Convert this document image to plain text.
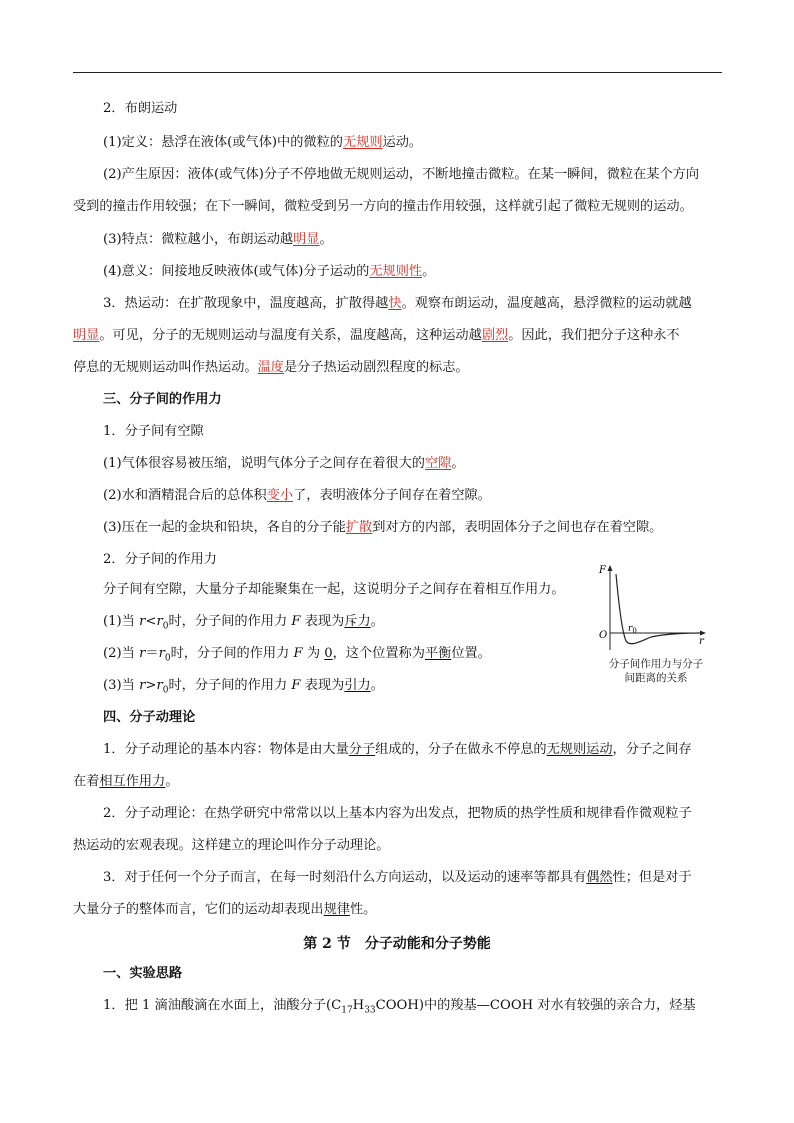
2．布朗运动
(1)定义：悬浮在液体(或气体)中的微粒的无规则运动。
(2)产生原因：液体(或气体)分子不停地做无规则运动，不断地撞击微粒。在某一瞬间，微粒在某个方向
受到的撞击作用较强；在下一瞬间，微粒受到另一方向的撞击作用较强，这样就引起了微粒无规则的运动。
(3)特点：微粒越小，布朗运动越明显。
(4)意义：间接地反映液体(或气体)分子运动的无规则性。
3．热运动：在扩散现象中，温度越高，扩散得越快。观察布朗运动，温度越高，悬浮微粒的运动就越
明显。可见，分子的无规则运动与温度有关系，温度越高，这种运动越剧烈。因此，我们把分子这种永不
停息的无规则运动叫作热运动。温度是分子热运动剧烈程度的标志。
三、分子间的作用力
1．分子间有空隙
(1)气体很容易被压缩，说明气体分子之间存在着很大的空隙。
(2)水和酒精混合后的总体积变小了，表明液体分子间存在着空隙。
(3)压在一起的金块和铅块，各自的分子能扩散到对方的内部，表明固体分子之间也存在着空隙。
2．分子间的作用力
分子间有空隙，大量分子却能聚集在一起，这说明分子之间存在着相互作用力。
(1)当 $r<r_0$时，分子间的作用力 F 表现为斥力。
(2)当 $r=r_0$时，分子间的作用力 F 为 0，这个位置称为平衡位置。
(3)当 $r>r_0$时，分子间的作用力 F 表现为引力。
F
O
$r_0$
r
分子间作用力与分子
间距离的关系
四、分子动理论
1．分子动理论的基本内容：物体是由大量分子组成的，分子在做永不停息的无规则运动，分子之间存
在着相互作用力。
2．分子动理论：在热学研究中常常以以上基本内容为出发点，把物质的热学性质和规律看作微观粒子
热运动的宏观表现。这样建立的理论叫作分子动理论。
3．对于任何一个分子而言，在每一时刻沿什么方向运动，以及运动的速率等都具有偶然性；但是对于
大量分子的整体而言，它们的运动却表现出规律性。
第 2 节　分子动能和分子势能
一、实验思路
1．把 1 滴油酸滴在水面上，油酸分子$(C_{17}H_{33}COOH)$中的羧基—COOH 对水有较强的亲合力，烃基
